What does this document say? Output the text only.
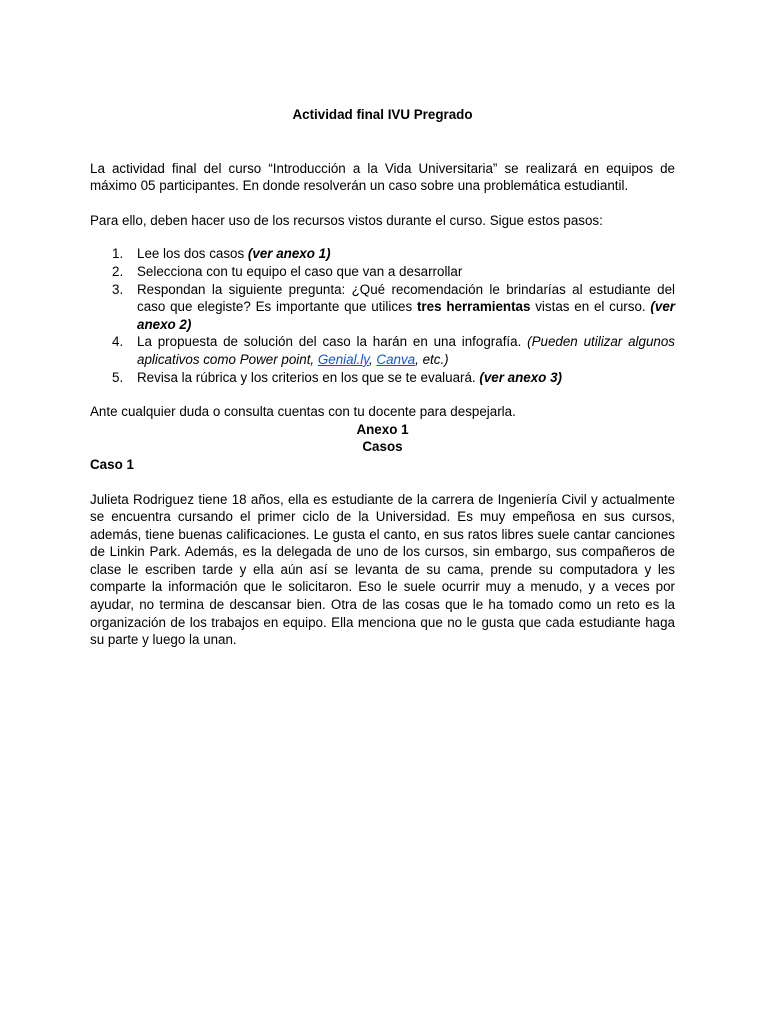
Actividad final IVU Pregrado

La actividad final del curso “Introducción a la Vida Universitaria” se realizará en equipos de máximo 05 participantes. En donde resolverán un caso sobre una problemática estudiantil.

Para ello, deben hacer uso de los recursos vistos durante el curso. Sigue estos pasos:

1. Lee los dos casos (ver anexo 1)
2. Selecciona con tu equipo el caso que van a desarrollar
3. Respondan la siguiente pregunta: ¿Qué recomendación le brindarías al estudiante del caso que elegiste? Es importante que utilices tres herramientas vistas en el curso. (ver anexo 2)
4. La propuesta de solución del caso la harán en una infografía. (Pueden utilizar algunos aplicativos como Power point, Genial.ly, Canva, etc.)
5. Revisa la rúbrica y los criterios en los que se te evaluará. (ver anexo 3)

Ante cualquier duda o consulta cuentas con tu docente para despejarla.

Anexo 1
Casos
Caso 1

Julieta Rodriguez tiene 18 años, ella es estudiante de la carrera de Ingeniería Civil y actualmente se encuentra cursando el primer ciclo de la Universidad. Es muy empeñosa en sus cursos, además, tiene buenas calificaciones. Le gusta el canto, en sus ratos libres suele cantar canciones de Linkin Park. Además, es la delegada de uno de los cursos, sin embargo, sus compañeros de clase le escriben tarde y ella aún así se levanta de su cama, prende su computadora y les comparte la información que le solicitaron. Eso le suele ocurrir muy a menudo, y a veces por ayudar, no termina de descansar bien. Otra de las cosas que le ha tomado como un reto es la organización de los trabajos en equipo. Ella menciona que no le gusta que cada estudiante haga su parte y luego la unan.
